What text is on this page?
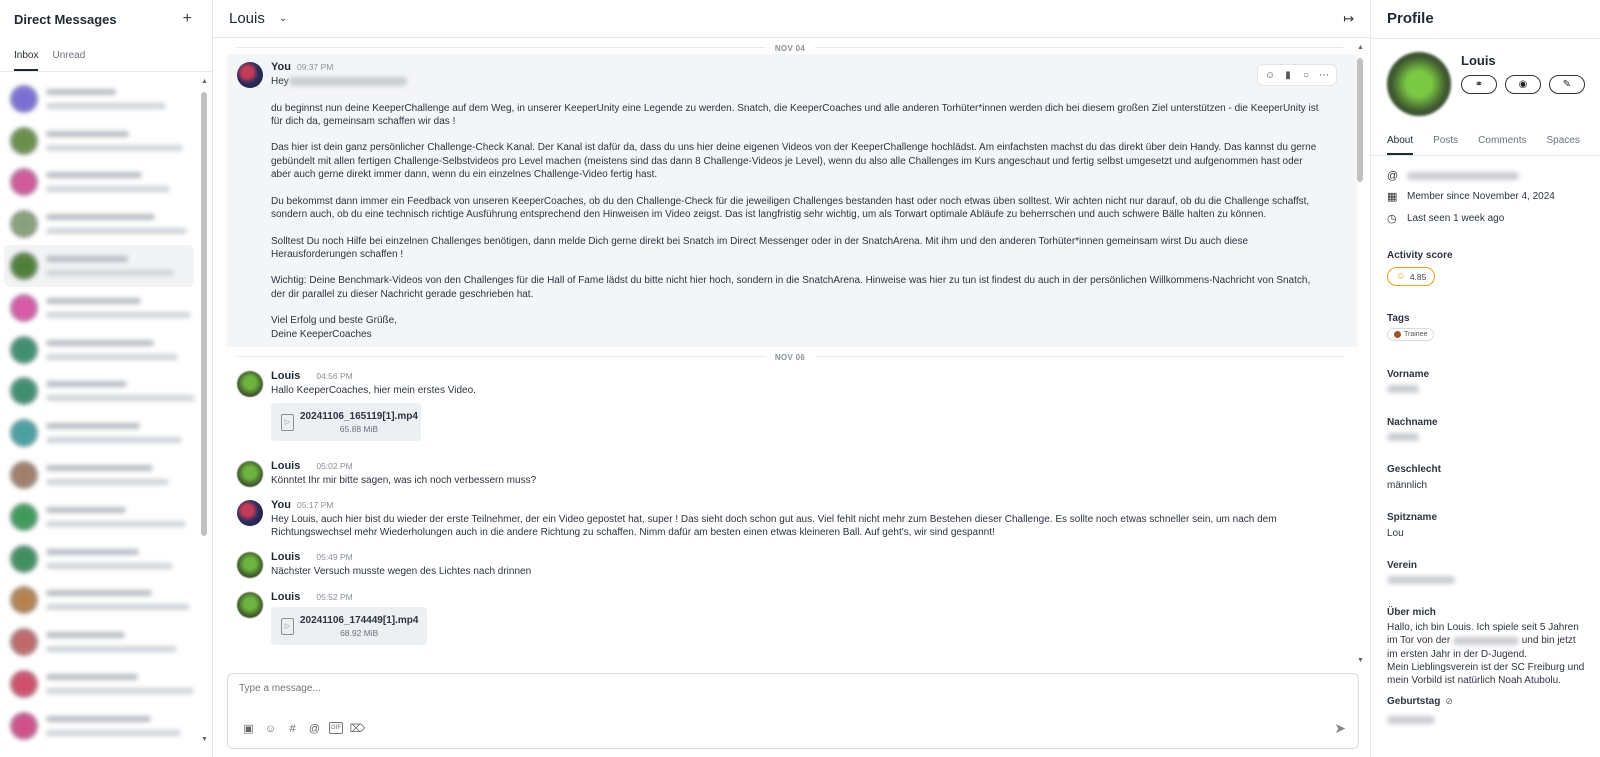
Direct Messages	+
Inbox Unread
▲
▼
Louis ⌄	↦
NOV 04
You 09:37 PM
Hey
du beginnst nun deine KeeperChallenge auf dem Weg, in unserer KeeperUnity eine Legende zu werden. Snatch, die KeeperCoaches und alle anderen Torhüter*innen werden dich bei diesem großen Ziel unterstützen - die KeeperUnity ist für dich da, gemeinsam schaffen wir das !
Das hier ist dein ganz persönlicher Challenge-Check Kanal. Der Kanal ist dafür da, dass du uns hier deine eigenen Videos von der KeeperChallenge hochlädst. Am einfachsten machst du das direkt über dein Handy. Das kannst du gerne gebündelt mit allen fertigen Challenge-Selbstvideos pro Level machen (meistens sind das dann 8 Challenge-Videos je Level), wenn du also alle Challenges im Kurs angeschaut und fertig selbst umgesetzt und aufgenommen hast oder aber auch gerne direkt immer dann, wenn du ein einzelnes Challenge-Video fertig hast.
Du bekommst dann immer ein Feedback von unseren KeeperCoaches, ob du den Challenge-Check für die jeweiligen Challenges bestanden hast oder noch etwas üben solltest. Wir achten nicht nur darauf, ob du die Challenge schaffst, sondern auch, ob du eine technisch richtige Ausführung entsprechend den Hinweisen im Video zeigst. Das ist langfristig sehr wichtig, um als Torwart optimale Abläufe zu beherrschen und auch schwere Bälle halten zu können.
Solltest Du noch Hilfe bei einzelnen Challenges benötigen, dann melde Dich gerne direkt bei Snatch im Direct Messenger oder in der SnatchArena. Mit ihm und den anderen Torhüter*innen gemeinsam wirst Du auch diese Herausforderungen schaffen !
Wichtig: Deine Benchmark-Videos von den Challenges für die Hall of Fame lädst du bitte nicht hier hoch, sondern in die SnatchArena. Hinweise was hier zu tun ist findest du auch in der persönlichen Willkommens-Nachricht von Snatch, der dir parallel zu dieser Nachricht gerade geschrieben hat.
Viel Erfolg und beste Grüße,
Deine KeeperCoaches
☺	▮	○ ⋯
NOV 06
Louis 04:56 PM
Hallo KeeperCoaches, hier mein erstes Video.
▷
20241106_165119[1].mp4
65.88 MiB
Louis 05:02 PM
Könntet Ihr mir bitte sagen, was ich noch verbessern muss?
You 05:17 PM
Hey Louis, auch hier bist du wieder der erste Teilnehmer, der ein Video gepostet hat, super ! Das sieht doch schon gut aus. Viel fehlt nicht mehr zum Bestehen dieser Challenge. Es sollte noch etwas schneller sein, um nach dem Richtungswechsel mehr Wiederholungen auch in die andere Richtung zu schaffen. Nimm dafür am besten einen etwas kleineren Ball. Auf geht's, wir sind gespannt!
Louis 05:49 PM
Nächster Versuch musste wegen des Lichtes nach drinnen
Louis 05:52 PM
▷
20241106_174449[1].mp4
68.92 MiB
▲
▼
Type a message...
▣ ☺	#	@	GIF ⌦	➤
Profile
Louis
⚭	◉	✎
About Posts Comments Spaces
@
▦ Member since November 4, 2024
◷ Last seen 1 week ago
Activity score
☺ 4.85
Tags
Trainee
Vorname
Nachname
Geschlecht
männlich
Spitzname
Lou
Verein
Über mich
Hallo, ich bin Louis. Ich spiele seit 5 Jahren im Tor von der	und bin jetzt im ersten Jahr in der D-Jugend.
Mein Lieblingsverein ist der SC Freiburg und mein Vorbild ist natürlich Noah Atubolu.
Geburtstag ⊘
